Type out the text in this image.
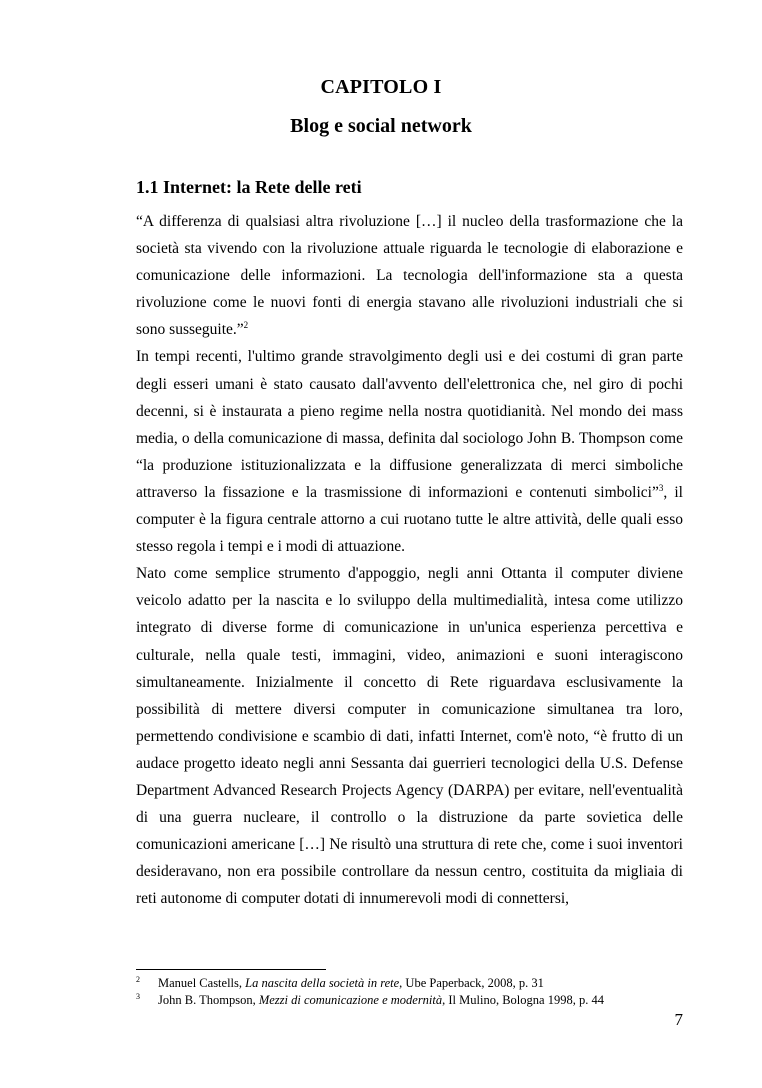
CAPITOLO I
Blog e social network
1.1 Internet: la Rete delle reti

“A differenza di qualsiasi altra rivoluzione […] il nucleo della trasformazione che la società sta vivendo con la rivoluzione attuale riguarda le tecnologie di elaborazione e comunicazione delle informazioni. La tecnologia dell'informazione sta a questa rivoluzione come le nuovi fonti di energia stavano alle rivoluzioni industriali che si sono susseguite.”$^2$

In tempi recenti, l'ultimo grande stravolgimento degli usi e dei costumi di gran parte degli esseri umani è stato causato dall'avvento dell'elettronica che, nel giro di pochi decenni, si è instaurata a pieno regime nella nostra quotidianità. Nel mondo dei mass media, o della comunicazione di massa, definita dal sociologo John B. Thompson come “la produzione istituzionalizzata e la diffusione generalizzata di merci simboliche attraverso la fissazione e la trasmissione di informazioni e contenuti simbolici”$^3$, il computer è la figura centrale attorno a cui ruotano tutte le altre attività, delle quali esso stesso regola i tempi e i modi di attuazione.

Nato come semplice strumento d'appoggio, negli anni Ottanta il computer diviene veicolo adatto per la nascita e lo sviluppo della multimedialità, intesa come utilizzo integrato di diverse forme di comunicazione in un'unica esperienza percettiva e culturale, nella quale testi, immagini, video, animazioni e suoni interagiscono simultaneamente. Inizialmente il concetto di Rete riguardava esclusivamente la possibilità di mettere diversi computer in comunicazione simultanea tra loro, permettendo condivisione e scambio di dati, infatti Internet, com'è noto, “è frutto di un audace progetto ideato negli anni Sessanta dai guerrieri tecnologici della U.S. Defense Department Advanced Research Projects Agency (DARPA) per evitare, nell'eventualità di una guerra nucleare, il controllo o la distruzione da parte sovietica delle comunicazioni americane […] Ne risultò una struttura di rete che, come i suoi inventori desideravano, non era possibile controllare da nessun centro, costituita da migliaia di reti autonome di computer dotati di innumerevoli modi di connettersi,

2 Manuel Castells, La nascita della società in rete, Ube Paperback, 2008, p. 31
3 John B. Thompson, Mezzi di comunicazione e modernità, Il Mulino, Bologna 1998, p. 44
7
